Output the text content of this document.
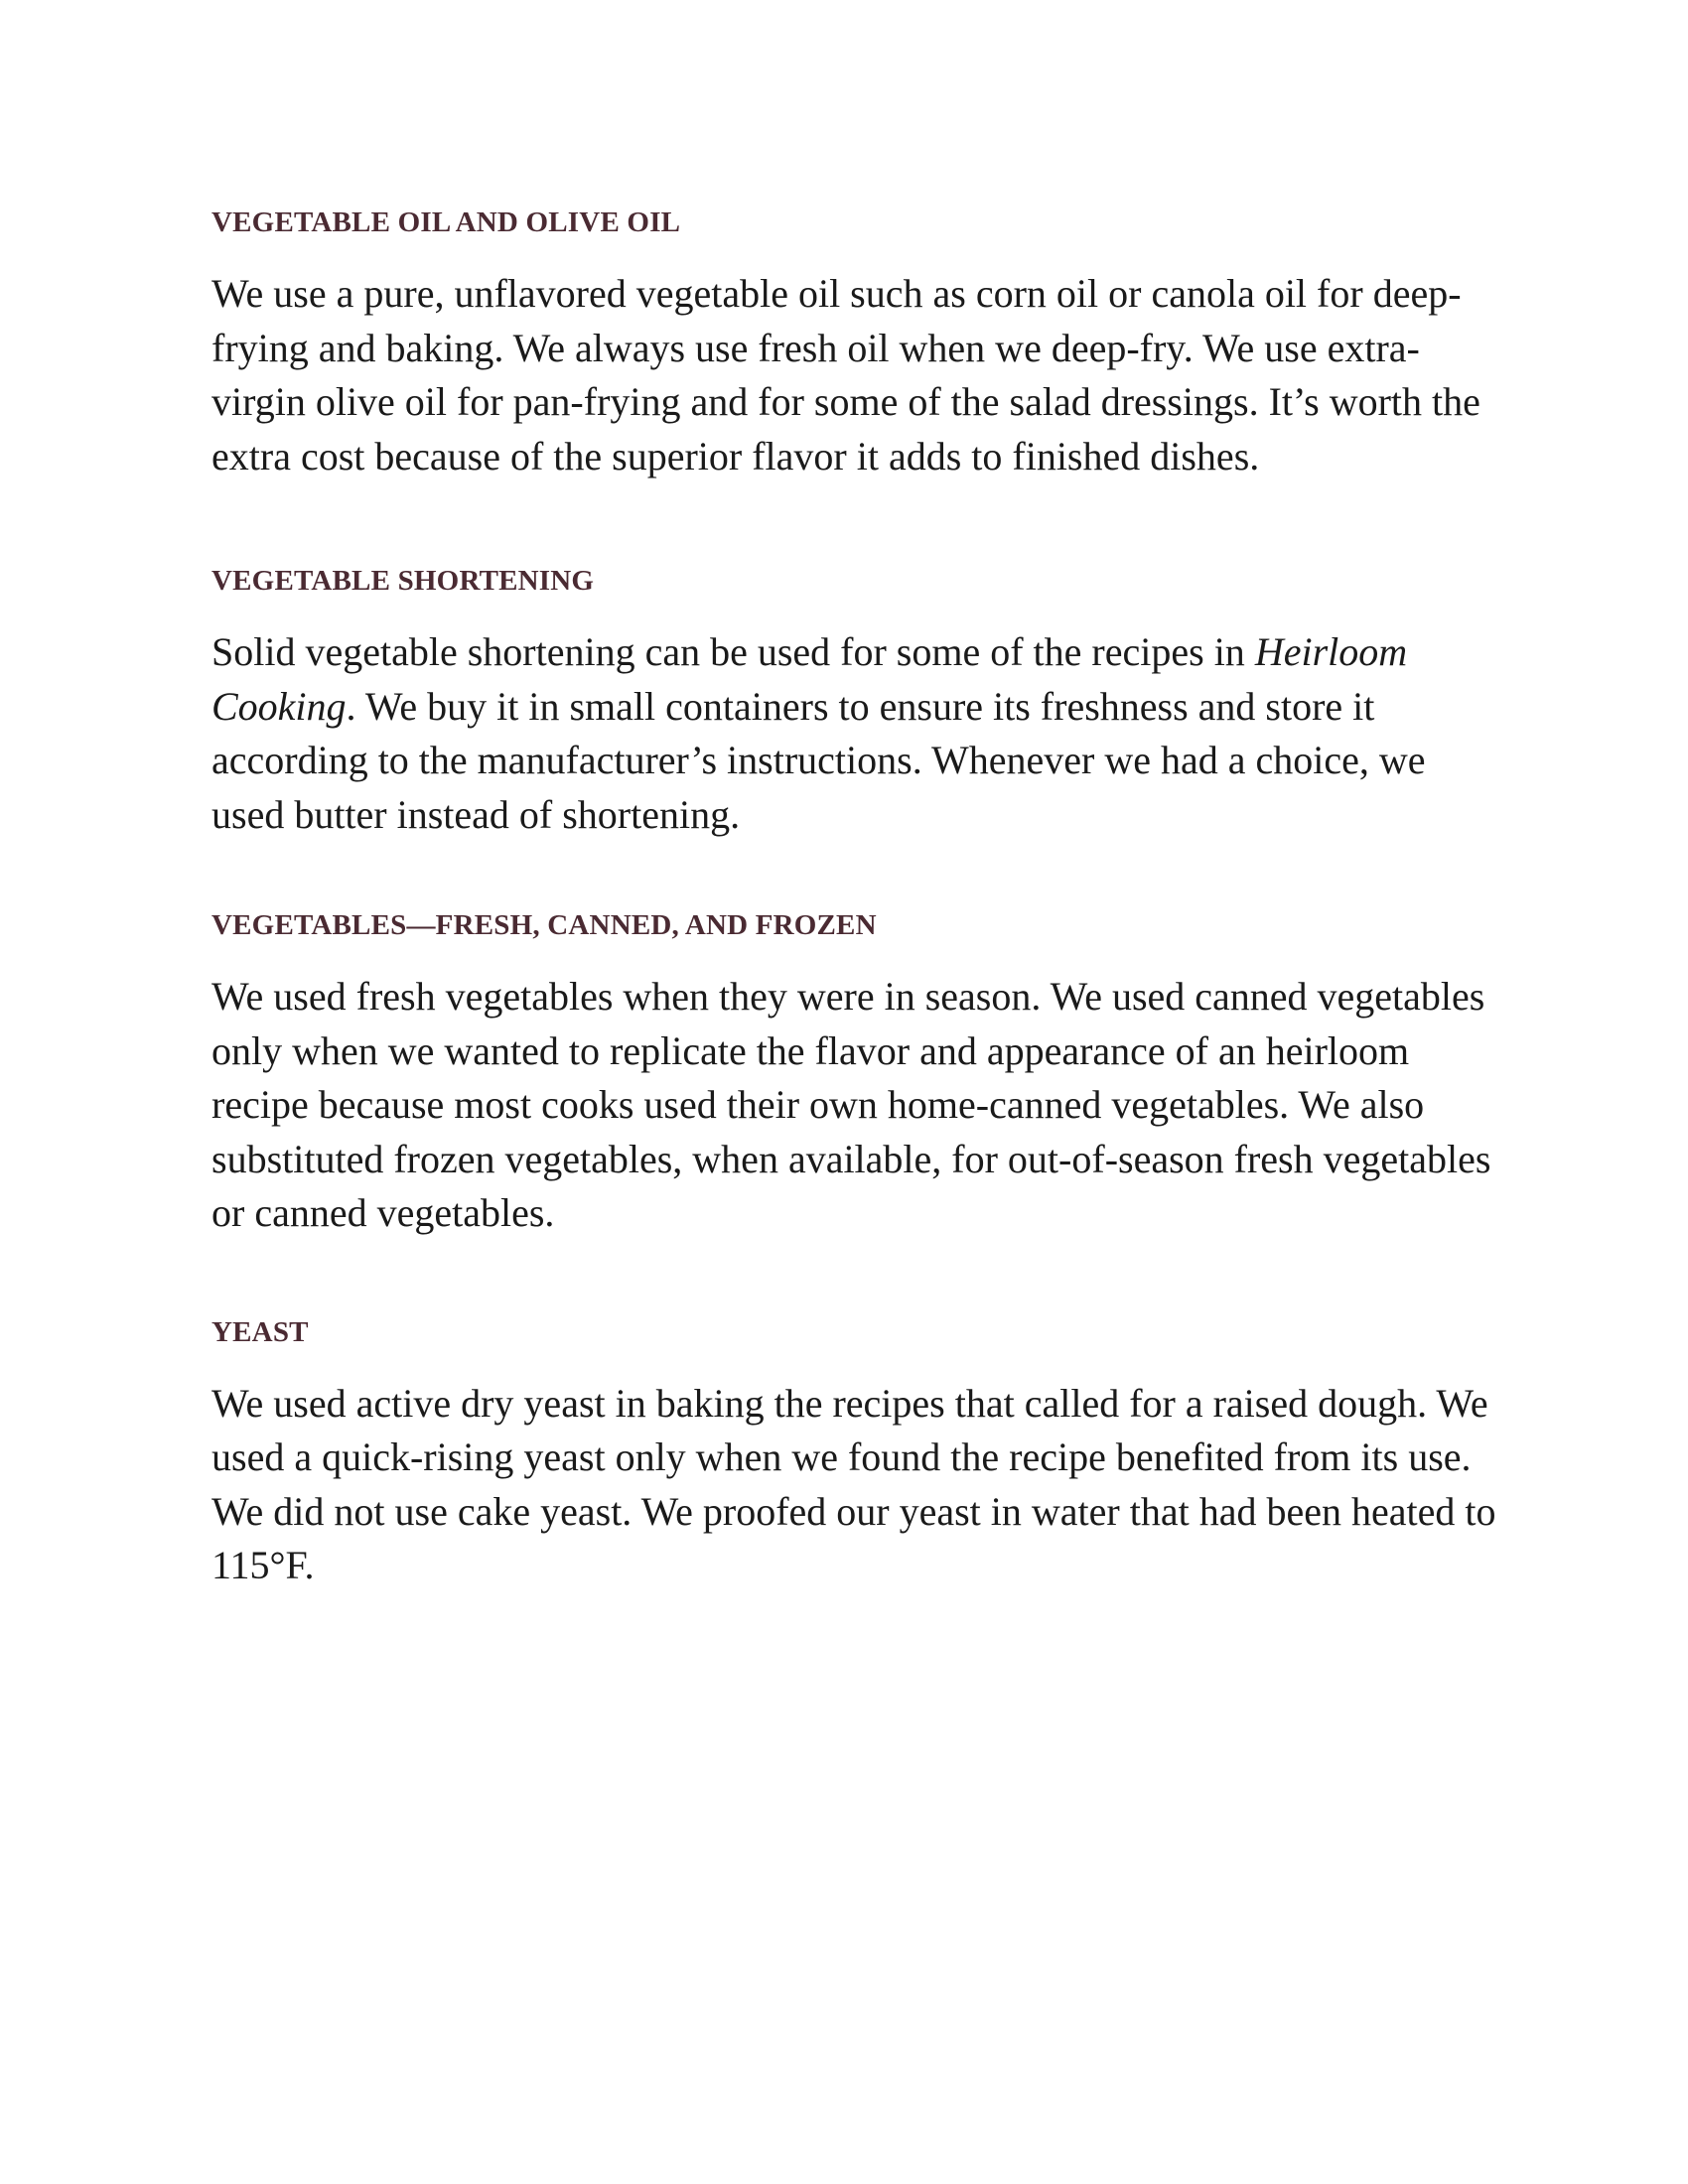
VEGETABLE OIL AND OLIVE OIL

We use a pure, unflavored vegetable oil such as corn oil or canola oil for deep-frying and baking. We always use fresh oil when we deep-fry. We use extra-virgin olive oil for pan-frying and for some of the salad dressings. It’s worth the extra cost because of the superior flavor it adds to finished dishes.

VEGETABLE SHORTENING

Solid vegetable shortening can be used for some of the recipes in Heirloom Cooking. We buy it in small containers to ensure its freshness and store it according to the manufacturer’s instructions. Whenever we had a choice, we used butter instead of shortening.

VEGETABLES—FRESH, CANNED, AND FROZEN

We used fresh vegetables when they were in season. We used canned vegetables only when we wanted to replicate the flavor and appearance of an heirloom recipe because most cooks used their own home-canned vegetables. We also substituted frozen vegetables, when available, for out-of-season fresh vegetables or canned vegetables.

YEAST

We used active dry yeast in baking the recipes that called for a raised dough. We used a quick-rising yeast only when we found the recipe benefited from its use. We did not use cake yeast. We proofed our yeast in water that had been heated to 115°F.
